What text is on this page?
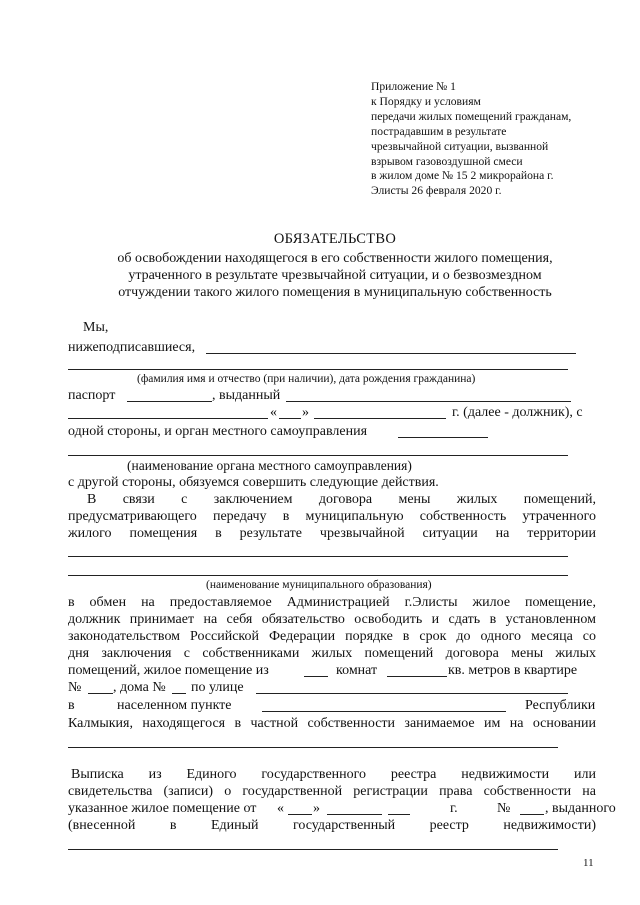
Приложение № 1
к Порядку и условиям
передачи жилых помещений гражданам,
пострадавшим в результате
чрезвычайной ситуации, вызванной
взрывом газовоздушной смеси
в жилом доме № 15 2 микрорайона г.
Элисты 26 февраля 2020 г.
ОБЯЗАТЕЛЬСТВО
об освобождении находящегося в его собственности жилого помещения,
утраченного в результате чрезвычайной ситуации, и о безвозмездном
отчуждении такого жилого помещения в муниципальную собственность
Мы,
нижеподписавшиеся,
(фамилия имя и отчество (при наличии), дата рождения гражданина)
паспорт	, выданный
« »	г. (далее - должник), с
одной стороны, и орган местного самоуправления
(наименование органа местного самоуправления)
с другой стороны, обязуемся совершить следующие действия.
В связи с заключением договора мены жилых помещений,
предусматривающего передачу в муниципальную собственность утраченного
жилого помещения в результате чрезвычайной ситуации на территории
(наименование муниципального образования)
в обмен на предоставляемое Администрацией г.Элисты жилое помещение,
должник принимает на себя обязательство освободить и сдать в установленном
законодательством Российской Федерации порядке в срок до одного месяца со
дня заключения с собственниками жилых помещений договора мены жилых
помещений, жилое помещение из	комнат	кв. метров в квартире
№ , дома № по улице
в	населенном пункте	Республики
Калмыкия, находящегося в частной собственности занимаемое им на основании
Выписка из Единого государственного реестра недвижимости или
свидетельства (записи) о государственной регистрации права собственности на
указанное жилое помещение от « »	г.	№ , выданного
(внесенной в Единый государственный реестр недвижимости)
11
